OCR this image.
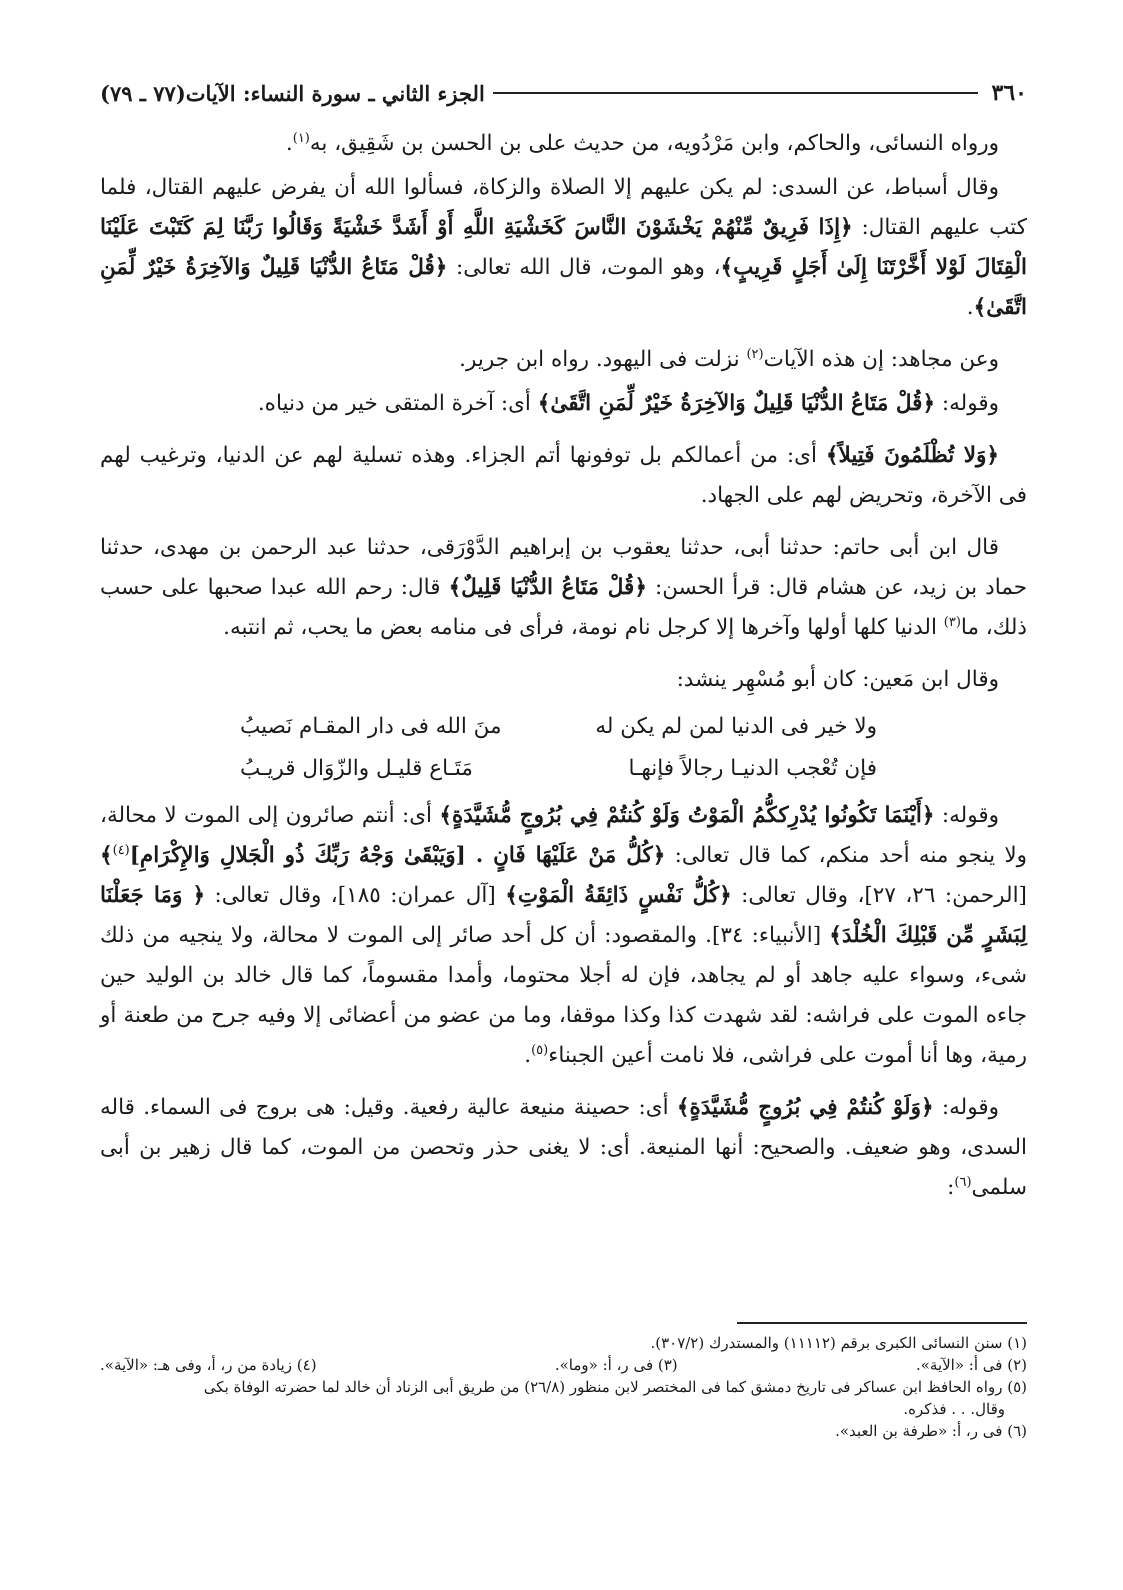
٣٦٠
الجزء الثاني ـ سورة النساء: الآيات(٧٧ ـ ٧٩)

ورواه النسائى، والحاكم، وابن مَرْدُويه، من حديث على بن الحسن بن شَقِيق، به$^{(١)}$.

وقال أسباط، عن السدى: لم يكن عليهم إلا الصلاة والزكاة، فسألوا الله أن يفرض عليهم القتال، فلما كتب عليهم القتال: ﴿إِذَا فَرِيقٌ مِّنْهُمْ يَخْشَوْنَ النَّاسَ كَخَشْيَةِ اللَّهِ أَوْ أَشَدَّ خَشْيَةً وَقَالُوا رَبَّنَا لِمَ كَتَبْتَ عَلَيْنَا الْقِتَالَ لَوْلا أَخَّرْتَنَا إِلَىٰ أَجَلٍ قَرِيبٍ﴾، وهو الموت، قال الله تعالى: ﴿قُلْ مَتَاعُ الدُّنْيَا قَلِيلٌ وَالآخِرَةُ خَيْرٌ لِّمَنِ اتَّقَىٰ﴾.

وعن مجاهد: إن هذه الآيات$^{(٢)}$ نزلت فى اليهود. رواه ابن جرير.

وقوله: ﴿قُلْ مَتَاعُ الدُّنْيَا قَلِيلٌ وَالآخِرَةُ خَيْرٌ لِّمَنِ اتَّقَىٰ﴾ أى: آخرة المتقى خير من دنياه.

﴿وَلا تُظْلَمُونَ فَتِيلاً﴾ أى: من أعمالكم بل توفونها أتم الجزاء. وهذه تسلية لهم عن الدنيا، وترغيب لهم فى الآخرة، وتحريض لهم على الجهاد.

قال ابن أبى حاتم: حدثنا أبى، حدثنا يعقوب بن إبراهيم الدَّوْرَقى، حدثنا عبد الرحمن بن مهدى، حدثنا حماد بن زيد، عن هشام قال: قرأ الحسن: ﴿قُلْ مَتَاعُ الدُّنْيَا قَلِيلٌ﴾ قال: رحم الله عبدا صحبها على حسب ذلك، ما$^{(٣)}$ الدنيا كلها أولها وآخرها إلا كرجل نام نومة، فرأى فى منامه بعض ما يحب، ثم انتبه.

وقال ابن مَعين: كان أبو مُسْهِر ينشد:

ولا خير فى الدنيا لمن لم يكن له
منَ الله فى دار المقـام نَصيبُ
فإن تُعْجب الدنيـا رجالاً فإنهـا
مَتَـاع قليـل والزّوَال قريـبُ

وقوله: ﴿أَيْنَمَا تَكُونُوا يُدْرِككُّمُ الْمَوْتُ وَلَوْ كُنتُمْ فِي بُرُوجٍ مُّشَيَّدَةٍ﴾ أى: أنتم صائرون إلى الموت لا محالة، ولا ينجو منه أحد منكم، كما قال تعالى: ﴿كُلُّ مَنْ عَلَيْهَا فَانٍ . [وَيَبْقَىٰ وَجْهُ رَبِّكَ ذُو الْجَلالِ وَالإِكْرَامِ]$^{(٤)}$﴾ [الرحمن: ٢٦، ٢٧]، وقال تعالى: ﴿كُلُّ نَفْسٍ ذَائِقَةُ الْمَوْتِ﴾ [آل عمران: ١٨٥]، وقال تعالى: ﴿ وَمَا جَعَلْنَا لِبَشَرٍ مِّن قَبْلِكَ الْخُلْدَ﴾ [الأنبياء: ٣٤]. والمقصود: أن كل أحد صائر إلى الموت لا محالة، ولا ينجيه من ذلك شىء، وسواء عليه جاهد أو لم يجاهد، فإن له أجلا محتوما، وأمدا مقسوماً، كما قال خالد بن الوليد حين جاءه الموت على فراشه: لقد شهدت كذا وكذا موقفا، وما من عضو من أعضائى إلا وفيه جرح من طعنة أو رمية، وها أنا أموت على فراشى، فلا نامت أعين الجبناء$^{(٥)}$.

وقوله: ﴿وَلَوْ كُنتُمْ فِي بُرُوجٍ مُّشَيَّدَةٍ﴾ أى: حصينة منيعة عالية رفعية. وقيل: هى بروج فى السماء. قاله السدى، وهو ضعيف. والصحيح: أنها المنيعة. أى: لا يغنى حذر وتحصن من الموت، كما قال زهير بن أبى سلمى$^{(٦)}$:

(١) سنن النسائى الكبرى برقم (١١١١٢) والمستدرك (٣٠٧/٢).

(٢) فى أ: «الآية».
(٣) فى ر، أ: «وما».
(٤) زيادة من ر، أ، وفى هـ: «الآية».

(٥) رواه الحافظ ابن عساكر فى تاريخ دمشق كما فى المختصر لابن منظور (٢٦/٨) من طريق أبى الزناد أن خالد لما حضرته الوفاة بكى

وقال. . . فذكره.

(٦) فى ر، أ: «طرفة بن العبد».
